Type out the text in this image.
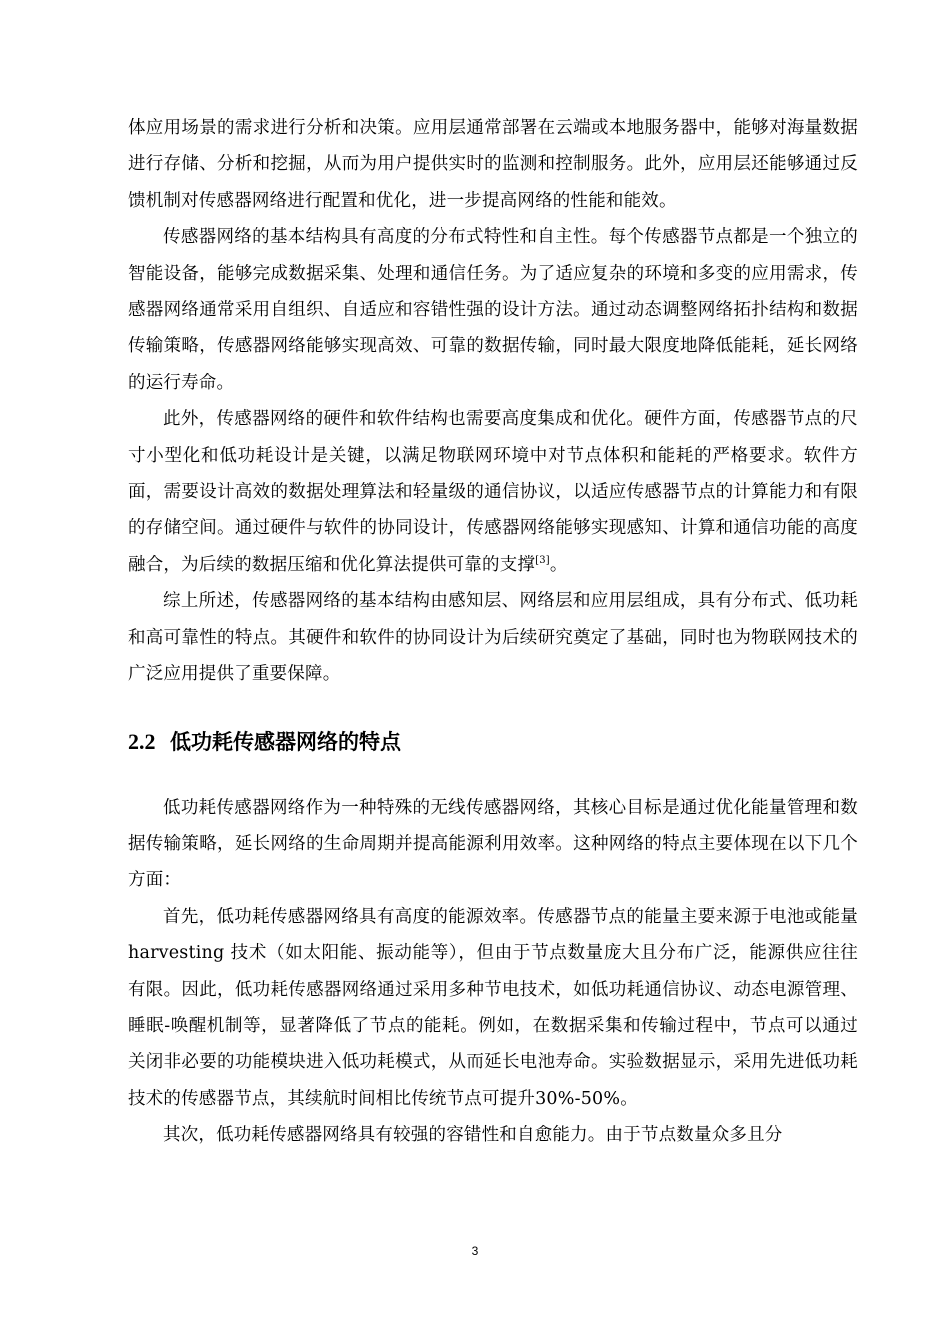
体应用场景的需求进行分析和决策。应用层通常部署在云端或本地服务器中，能够对海量数据进行存储、分析和挖掘，从而为用户提供实时的监测和控制服务。此外，应用层还能够通过反馈机制对传感器网络进行配置和优化，进一步提高网络的性能和能效。

传感器网络的基本结构具有高度的分布式特性和自主性。每个传感器节点都是一个独立的智能设备，能够完成数据采集、处理和通信任务。为了适应复杂的环境和多变的应用需求，传感器网络通常采用自组织、自适应和容错性强的设计方法。通过动态调整网络拓扑结构和数据传输策略，传感器网络能够实现高效、可靠的数据传输，同时最大限度地降低能耗，延长网络的运行寿命。

此外，传感器网络的硬件和软件结构也需要高度集成和优化。硬件方面，传感器节点的尺寸小型化和低功耗设计是关键，以满足物联网环境中对节点体积和能耗的严格要求。软件方面，需要设计高效的数据处理算法和轻量级的通信协议，以适应传感器节点的计算能力和有限的存储空间。通过硬件与软件的协同设计，传感器网络能够实现感知、计算和通信功能的高度融合，为后续的数据压缩和优化算法提供可靠的支撑[3]。

综上所述，传感器网络的基本结构由感知层、网络层和应用层组成，具有分布式、低功耗和高可靠性的特点。其硬件和软件的协同设计为后续研究奠定了基础，同时也为物联网技术的广泛应用提供了重要保障。

2.2 低功耗传感器网络的特点

低功耗传感器网络作为一种特殊的无线传感器网络，其核心目标是通过优化能量管理和数据传输策略，延长网络的生命周期并提高能源利用效率。这种网络的特点主要体现在以下几个方面：

首先，低功耗传感器网络具有高度的能源效率。传感器节点的能量主要来源于电池或能量 harvesting 技术（如太阳能、振动能等），但由于节点数量庞大且分布广泛，能源供应往往有限。因此，低功耗传感器网络通过采用多种节电技术，如低功耗通信协议、动态电源管理、睡眠-唤醒机制等，显著降低了节点的能耗。例如，在数据采集和传输过程中，节点可以通过关闭非必要的功能模块进入低功耗模式，从而延长电池寿命。实验数据显示，采用先进低功耗技术的传感器节点，其续航时间相比传统节点可提升30%-50%。

其次，低功耗传感器网络具有较强的容错性和自愈能力。由于节点数量众多且分

3
